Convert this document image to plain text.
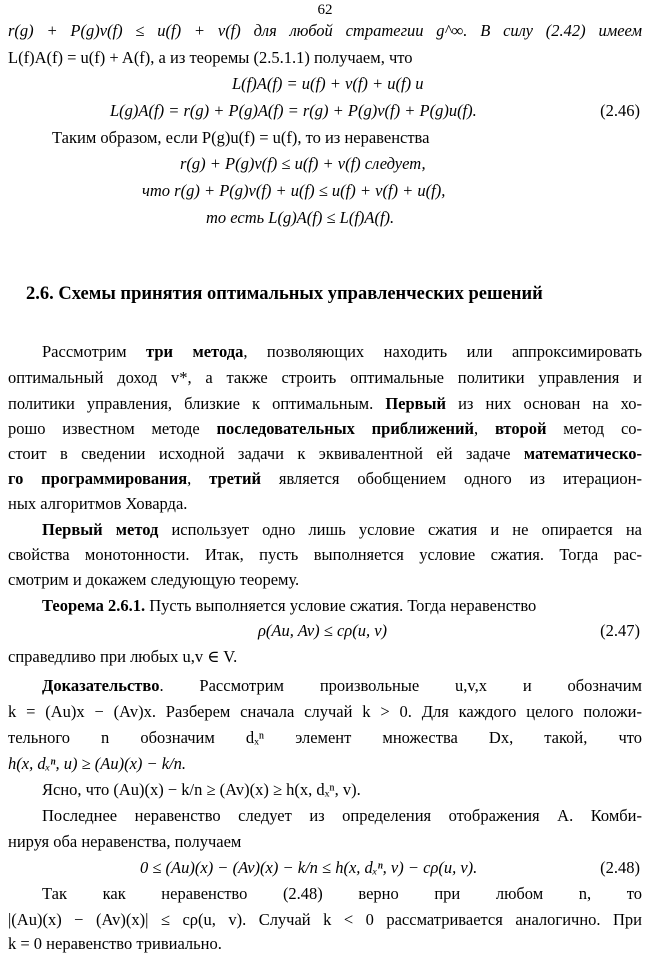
62
r(g) + P(g)v(f) ≤ u(f) + v(f) для любой стратегии g^∞. В силу (2.42) имеем
L(f)A(f) = u(f) + A(f), а из теоремы (2.5.1.1) получаем, что
L(f)A(f) = u(f) + v(f) + u(f) и
L(g)A(f) = r(g) + P(g)A(f) = r(g) + P(g)v(f) + P(g)u(f).	(2.46)
Таким образом, если P(g)u(f) = u(f), то из неравенства
r(g) + P(g)v(f) ≤ u(f) + v(f) следует,
что r(g) + P(g)v(f) + u(f) ≤ u(f) + v(f) + u(f),
то есть L(g)A(f) ≤ L(f)A(f).
2.6. Схемы принятия оптимальных управленческих решений
Рассмотрим три метода, позволяющих находить или аппроксимировать
оптимальный доход v*, а также строить оптимальные политики управления и
политики управления, близкие к оптимальным. Первый из них основан на хо-
рошо известном методе последовательных приближений, второй метод со-
стоит в сведении исходной задачи к эквивалентной ей задаче математическо-
го программирования, третий является обобщением одного из итерацион-
ных алгоритмов Ховарда.
Первый метод использует одно лишь условие сжатия и не опирается на
свойства монотонности. Итак, пусть выполняется условие сжатия. Тогда рас-
смотрим и докажем следующую теорему.
Теорема 2.6.1. Пусть выполняется условие сжатия. Тогда неравенство
ρ(Au, Av) ≤ cρ(u, v)	(2.47)
справедливо при любых u,v ∈ V.
Доказательство. Рассмотрим произвольные u,v,x и обозначим
k = (Au)x − (Av)x. Разберем сначала случай k > 0. Для каждого целого положи-
тельного n обозначим dₓⁿ элемент множества Dx, такой, что
h(x, dₓⁿ, u) ≥ (Au)(x) − k/n.
Ясно, что (Au)(x) − k/n ≥ (Av)(x) ≥ h(x, dₓⁿ, v).
Последнее неравенство следует из определения отображения A. Комби-
нируя оба неравенства, получаем
0 ≤ (Au)(x) − (Av)(x) − k/n ≤ h(x, dₓⁿ, v) − cρ(u, v).	(2.48)
Так как неравенство (2.48) верно при любом n, то
|(Au)(x) − (Av)(x)| ≤ cρ(u, v). Случай k < 0 рассматривается аналогично. При
k = 0 неравенство тривиально.
